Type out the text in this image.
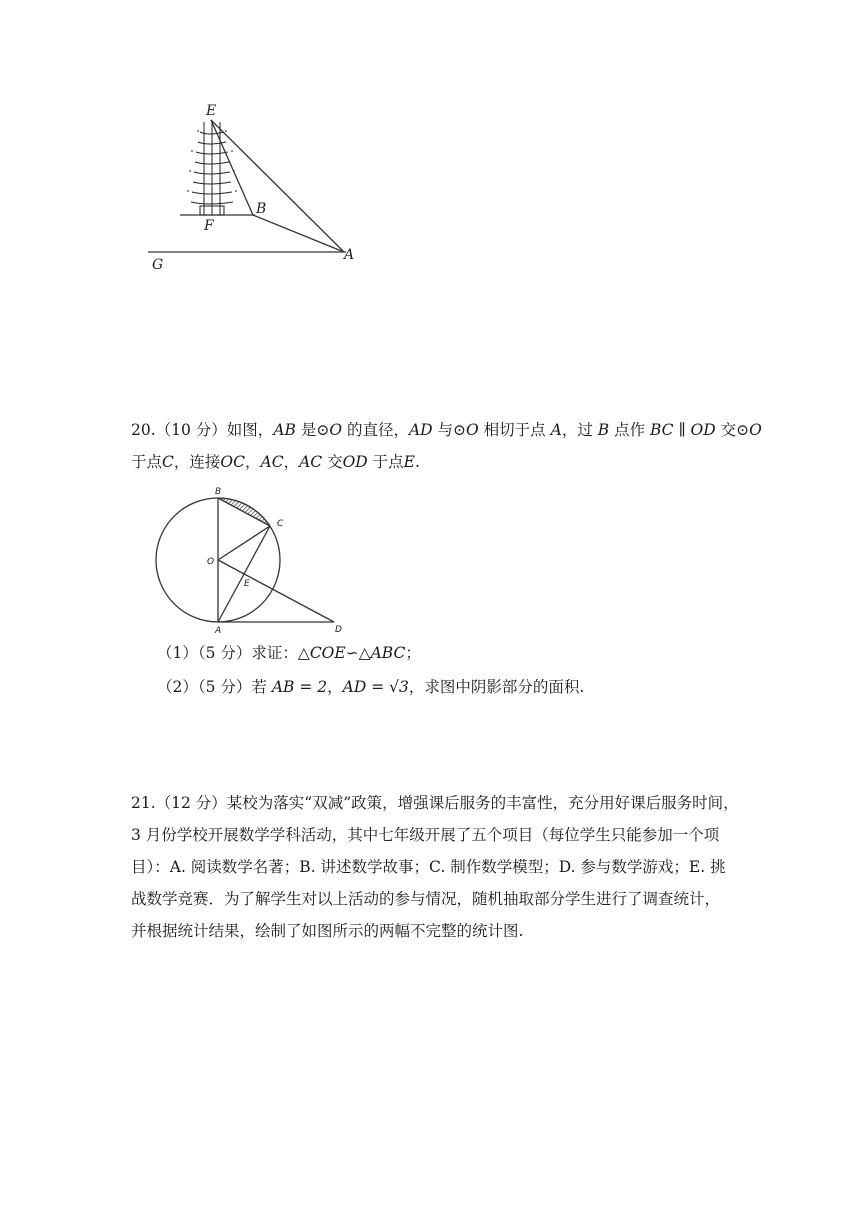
E
F
B
A
G
20.（10 分）如图，AB 是⊙O 的直径，AD 与⊙O 相切于点 A，过 B 点作 BC ∥ OD 交⊙O
于点C，连接OC，AC，AC 交OD 于点E.
B
C
O
E
A	D
（1）（5 分）求证：△COE∽△ABC；
（2）（5 分）若 AB = 2，AD = √3，求图中阴影部分的面积.
21.（12 分）某校为落实“双减”政策，增强课后服务的丰富性，充分用好课后服务时间，
3 月份学校开展数学学科活动，其中七年级开展了五个项目（每位学生只能参加一个项
目）：A. 阅读数学名著；B. 讲述数学故事；C. 制作数学模型；D. 参与数学游戏；E. 挑
战数学竞赛．为了解学生对以上活动的参与情况，随机抽取部分学生进行了调查统计，
并根据统计结果，绘制了如图所示的两幅不完整的统计图.
